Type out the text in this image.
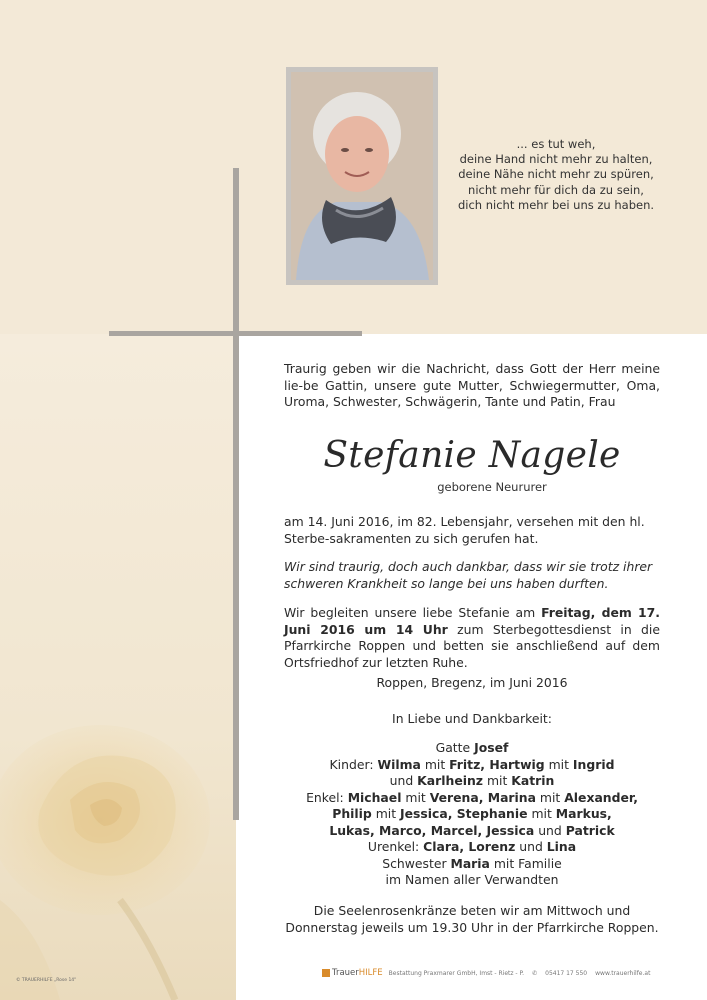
... es tut weh,
deine Hand nicht mehr zu halten,
deine Nähe nicht mehr zu spüren,
nicht mehr für dich da zu sein,
dich nicht mehr bei uns zu haben.
Traurig geben wir die Nachricht, dass Gott der Herr meine lie-be Gattin, unsere gute Mutter, Schwiegermutter, Oma, Uroma, Schwester, Schwägerin, Tante und Patin, Frau
Stefanie Nagele
geborene Neururer
am 14. Juni 2016, im 82. Lebensjahr, versehen mit den hl. Sterbe-sakramenten zu sich gerufen hat.
Wir sind traurig, doch auch dankbar, dass wir sie trotz ihrer schweren Krankheit so lange bei uns haben durften.
Wir begleiten unsere liebe Stefanie am Freitag, dem 17. Juni 2016 um 14 Uhr zum Sterbegottesdienst in die Pfarrkirche Roppen und betten sie anschließend auf dem Ortsfriedhof zur letzten Ruhe.
Roppen, Bregenz, im Juni 2016
In Liebe und Dankbarkeit:
Gatte Josef
Kinder: Wilma mit Fritz, Hartwig mit Ingrid
und Karlheinz mit Katrin
Enkel: Michael mit Verena, Marina mit Alexander,
Philip mit Jessica, Stephanie mit Markus,
Lukas, Marco, Marcel, Jessica und Patrick
Urenkel: Clara, Lorenz und Lina
Schwester Maria mit Familie
im Namen aller Verwandten
Die Seelenrosenkränze beten wir am Mittwoch und Donnerstag jeweils um 19.30 Uhr in der Pfarrkirche Roppen.
© TRAUERHILFE „Rose 14"
TrauerHILFE Bestattung Praxmarer GmbH, Imst - Rietz - P. ✆ 05417 17 550 www.trauerhilfe.at
